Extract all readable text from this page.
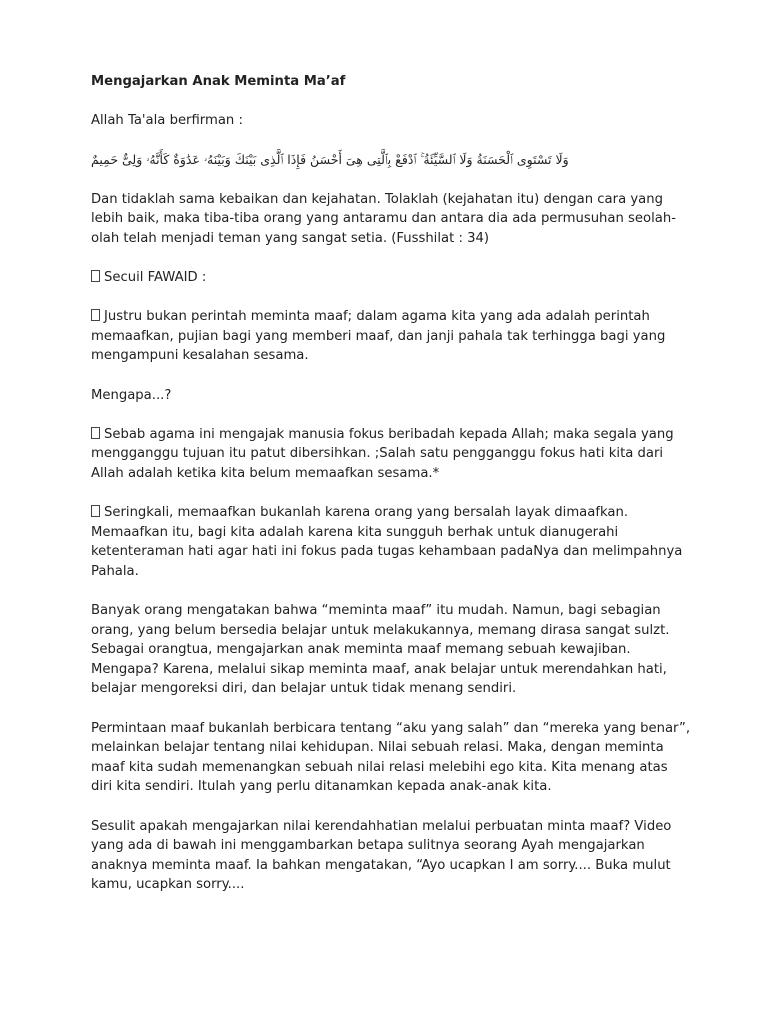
Mengajarkan Anak Meminta Ma’af
Allah Ta'ala berfirman :
وَلَا تَسْتَوِى ٱلْحَسَنَةُ وَلَا ٱلسَّيِّئَةُ ۚ ٱدْفَعْ بِٱلَّتِى هِىَ أَحْسَنُ فَإِذَا ٱلَّذِى بَيْنَكَ وَبَيْنَهُۥ عَدَٰوَةٌ كَأَنَّهُۥ وَلِىٌّ حَمِيمٌ
Dan tidaklah sama kebaikan dan kejahatan. Tolaklah (kejahatan itu) dengan cara yang lebih baik, maka tiba-tiba orang yang antaramu dan antara dia ada permusuhan seolah-olah telah menjadi teman yang sangat setia. (Fusshilat : 34)
Secuil FAWAID :
Justru bukan perintah meminta maaf; dalam agama kita yang ada adalah perintah memaafkan, pujian bagi yang memberi maaf, dan janji pahala tak terhingga bagi yang mengampuni kesalahan sesama.
Mengapa...?
Sebab agama ini mengajak manusia fokus beribadah kepada Allah; maka segala yang mengganggu tujuan itu patut dibersihkan. ;Salah satu pengganggu fokus hati kita dari Allah adalah ketika kita belum memaafkan sesama.*
Seringkali, memaafkan bukanlah karena orang yang bersalah layak dimaafkan. Memaafkan itu, bagi kita adalah karena kita sungguh berhak untuk dianugerahi ketenteraman hati agar hati ini fokus pada tugas kehambaan padaNya dan melimpahnya Pahala.
Banyak orang mengatakan bahwa “meminta maaf” itu mudah. Namun, bagi sebagian orang, yang belum bersedia belajar untuk melakukannya, memang dirasa sangat sulzt. Sebagai orangtua, mengajarkan anak meminta maaf memang sebuah kewajiban. Mengapa? Karena, melalui sikap meminta maaf, anak belajar untuk merendahkan hati, belajar mengoreksi diri, dan belajar untuk tidak menang sendiri.
Permintaan maaf bukanlah berbicara tentang “aku yang salah” dan “mereka yang benar”, melainkan belajar tentang nilai kehidupan. Nilai sebuah relasi. Maka, dengan meminta maaf kita sudah memenangkan sebuah nilai relasi melebihi ego kita. Kita menang atas diri kita sendiri. Itulah yang perlu ditanamkan kepada anak-anak kita.
Sesulit apakah mengajarkan nilai kerendahhatian melalui perbuatan minta maaf? Video yang ada di bawah ini menggambarkan betapa sulitnya seorang Ayah mengajarkan anaknya meminta maaf. Ia bahkan mengatakan, “Ayo ucapkan I am sorry.... Buka mulut kamu, ucapkan sorry....
